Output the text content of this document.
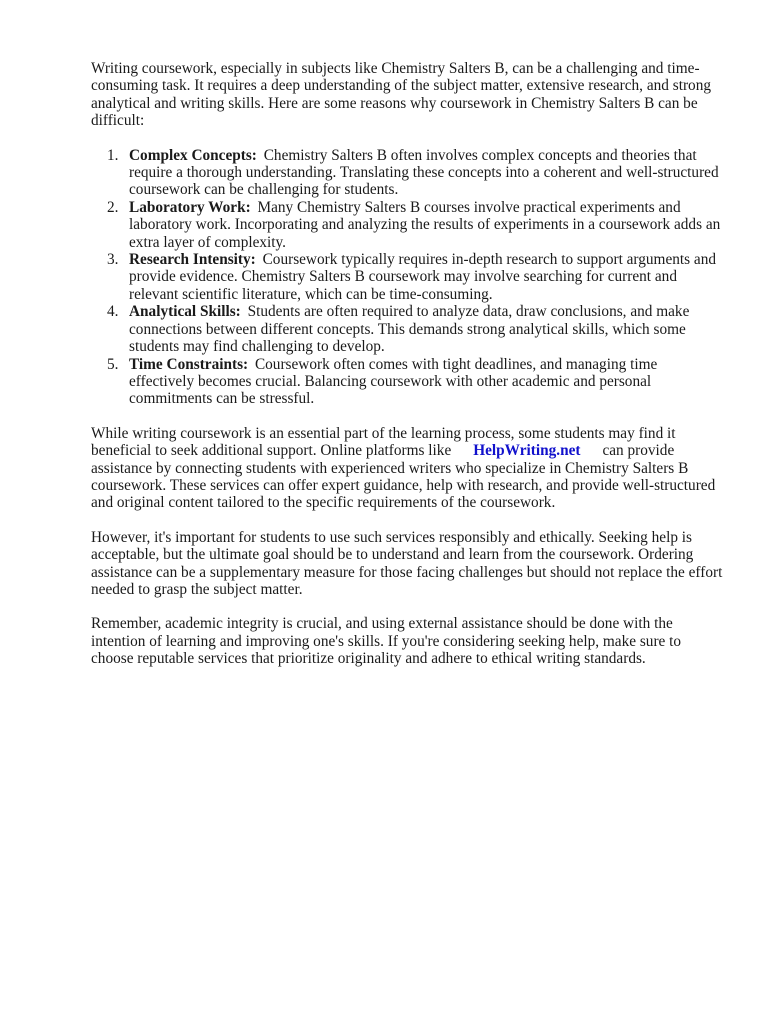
Writing coursework, especially in subjects like Chemistry Salters B, can be a challenging and time-consuming task. It requires a deep understanding of the subject matter, extensive research, and strong analytical and writing skills. Here are some reasons why coursework in Chemistry Salters B can be difficult:

1. Complex Concepts: Chemistry Salters B often involves complex concepts and theories that require a thorough understanding. Translating these concepts into a coherent and well-structured coursework can be challenging for students.
2. Laboratory Work: Many Chemistry Salters B courses involve practical experiments and laboratory work. Incorporating and analyzing the results of experiments in a coursework adds an extra layer of complexity.
3. Research Intensity: Coursework typically requires in-depth research to support arguments and provide evidence. Chemistry Salters B coursework may involve searching for current and relevant scientific literature, which can be time-consuming.
4. Analytical Skills: Students are often required to analyze data, draw conclusions, and make connections between different concepts. This demands strong analytical skills, which some students may find challenging to develop.
5. Time Constraints: Coursework often comes with tight deadlines, and managing time effectively becomes crucial. Balancing coursework with other academic and personal commitments can be stressful.

While writing coursework is an essential part of the learning process, some students may find it beneficial to seek additional support. Online platforms like HelpWriting.net can provide assistance by connecting students with experienced writers who specialize in Chemistry Salters B coursework. These services can offer expert guidance, help with research, and provide well-structured and original content tailored to the specific requirements of the coursework.

However, it's important for students to use such services responsibly and ethically. Seeking help is acceptable, but the ultimate goal should be to understand and learn from the coursework. Ordering assistance can be a supplementary measure for those facing challenges but should not replace the effort needed to grasp the subject matter.

Remember, academic integrity is crucial, and using external assistance should be done with the intention of learning and improving one's skills. If you're considering seeking help, make sure to choose reputable services that prioritize originality and adhere to ethical writing standards.
